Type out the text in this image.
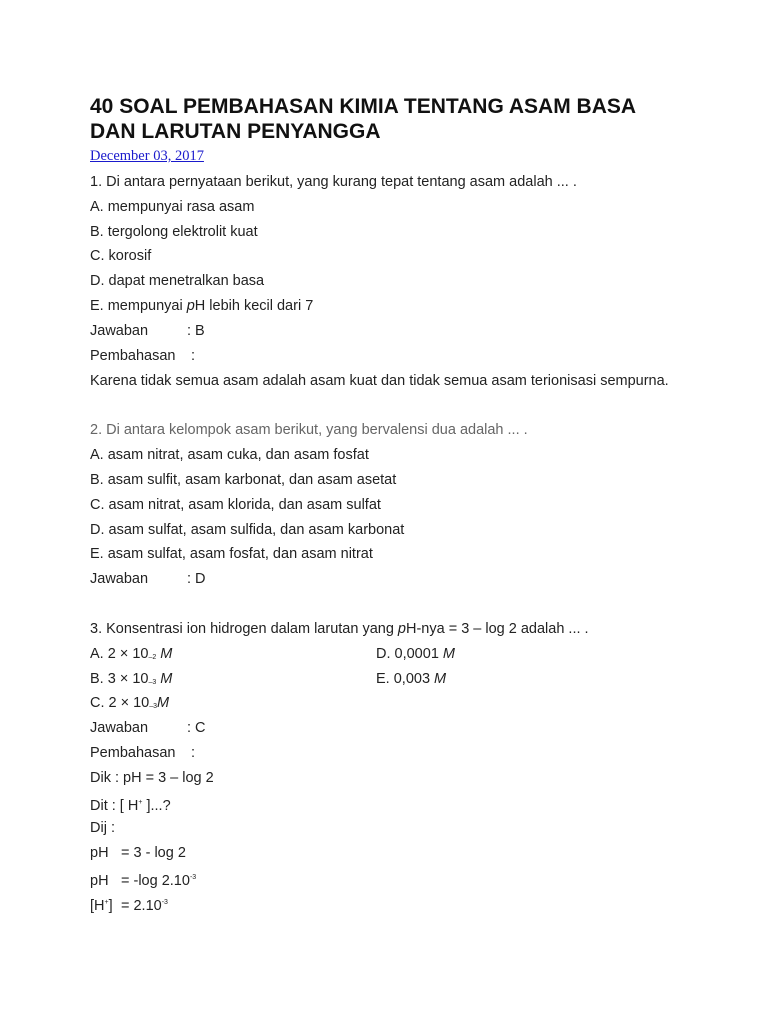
40 SOAL PEMBAHASAN KIMIA TENTANG ASAM BASA
DAN LARUTAN PENYANGGA
December 03, 2017
1. Di antara pernyataan berikut, yang kurang tepat tentang asam adalah ... .
A. mempunyai rasa asam
B. tergolong elektrolit kuat
C. korosif
D. dapat menetralkan basa
E. mempunyai pH lebih kecil dari 7
Jawaban	: B
Pembahasan :
Karena tidak semua asam adalah asam kuat dan tidak semua asam terionisasi sempurna.
2. Di antara kelompok asam berikut, yang bervalensi dua adalah ... .
A. asam nitrat, asam cuka, dan asam fosfat
B. asam sulfit, asam karbonat, dan asam asetat
C. asam nitrat, asam klorida, dan asam sulfat
D. asam sulfat, asam sulfida, dan asam karbonat
E. asam sulfat, asam fosfat, dan asam nitrat
Jawaban	: D
3. Konsentrasi ion hidrogen dalam larutan yang pH-nya = 3 – log 2 adalah ... .
A. $2 \times 10_{-2}$ M	D. 0,0001 M
B. $3 \times 10_{-3}$ M	E. 0,003 M
C. $2 \times 10_{-3}M$
Jawaban	: C
Pembahasan :
Dik : pH = 3 – log 2
Dit : [ H+ ]...?
Dij :
pH = 3 - log 2
pH = -log $2.10^{-3}$
$[H^+] = 2.10^{-3}$
